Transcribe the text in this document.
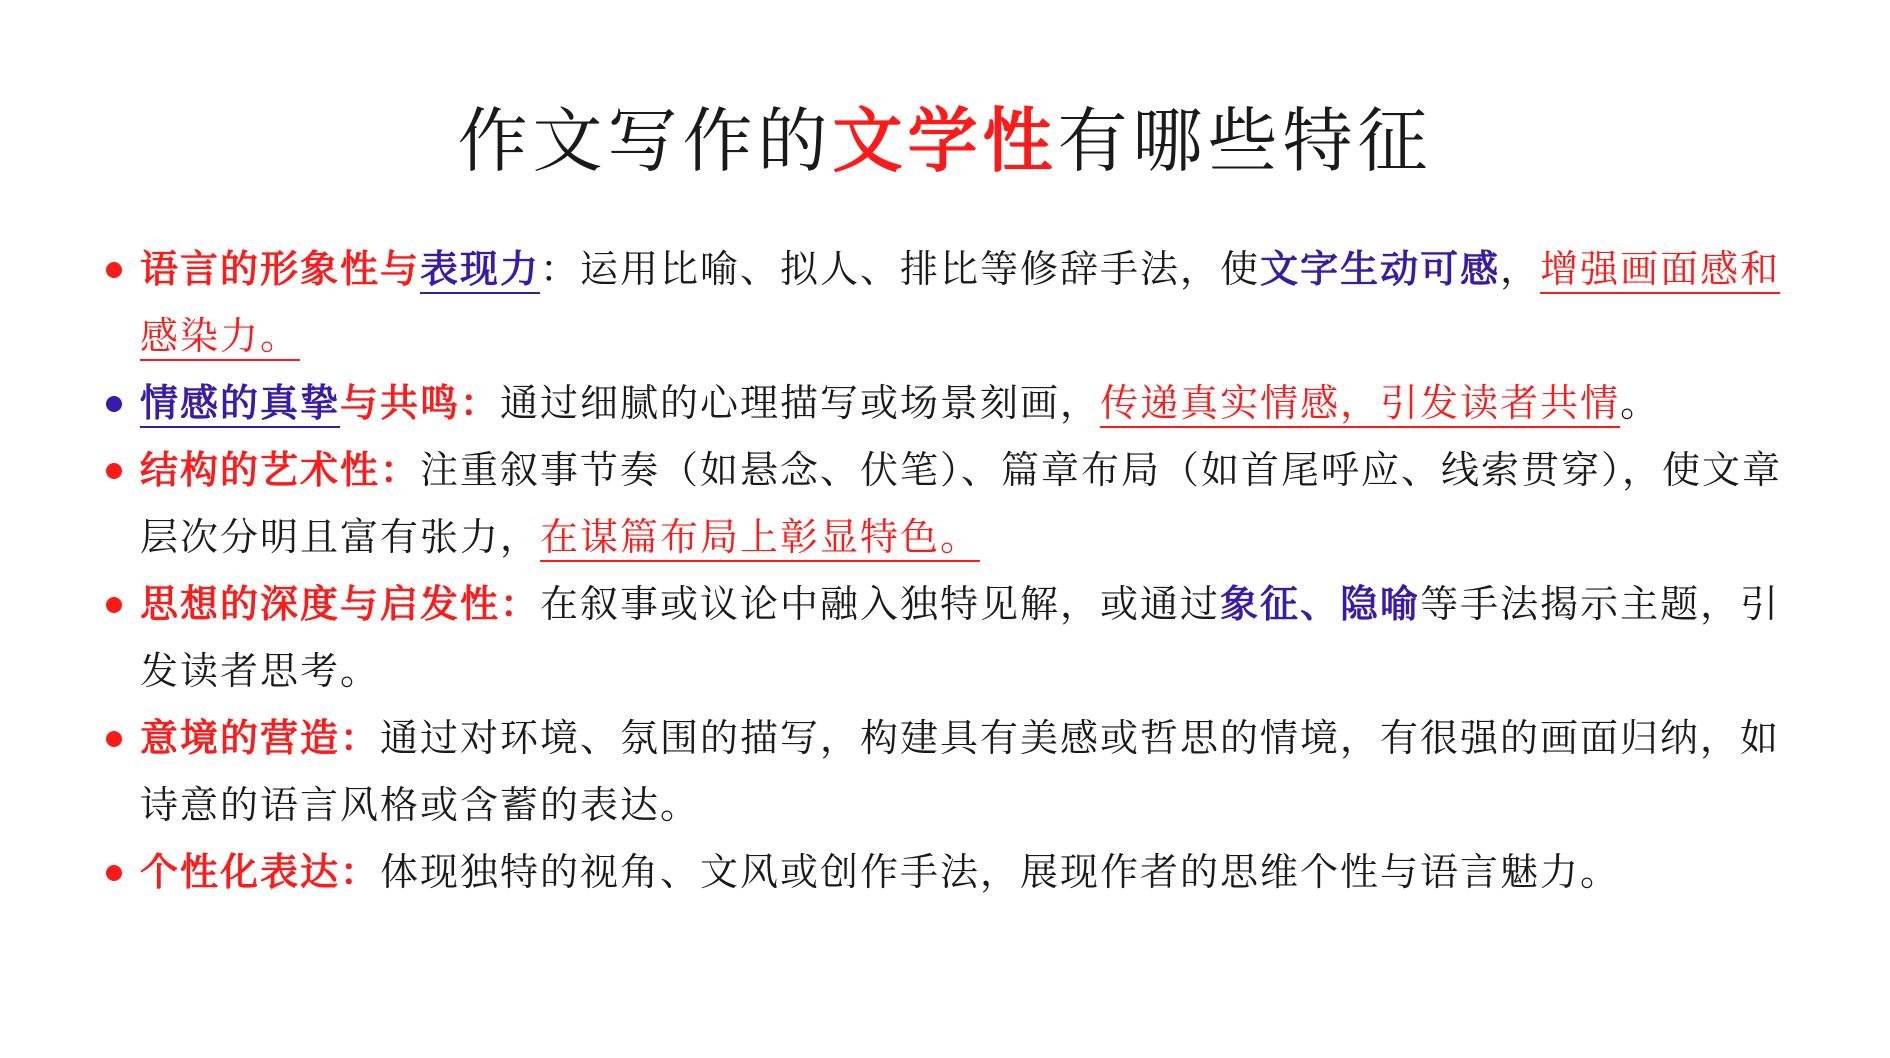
作文写作的文学性有哪些特征
语言的形象性与表现力：运用比喻、拟人、排比等修辞手法，使文字生动可感，增强画面感和感染力。
情感的真挚与共鸣：通过细腻的心理描写或场景刻画，传递真实情感，引发读者共情。
结构的艺术性：注重叙事节奏（如悬念、伏笔）、篇章布局（如首尾呼应、线索贯穿），使文章层次分明且富有张力，在谋篇布局上彰显特色。
思想的深度与启发性：在叙事或议论中融入独特见解，或通过象征、隐喻等手法揭示主题，引发读者思考。
意境的营造：通过对环境、氛围的描写，构建具有美感或哲思的情境，有很强的画面归纳，如诗意的语言风格或含蓄的表达。
个性化表达：体现独特的视角、文风或创作手法，展现作者的思维个性与语言魅力。
